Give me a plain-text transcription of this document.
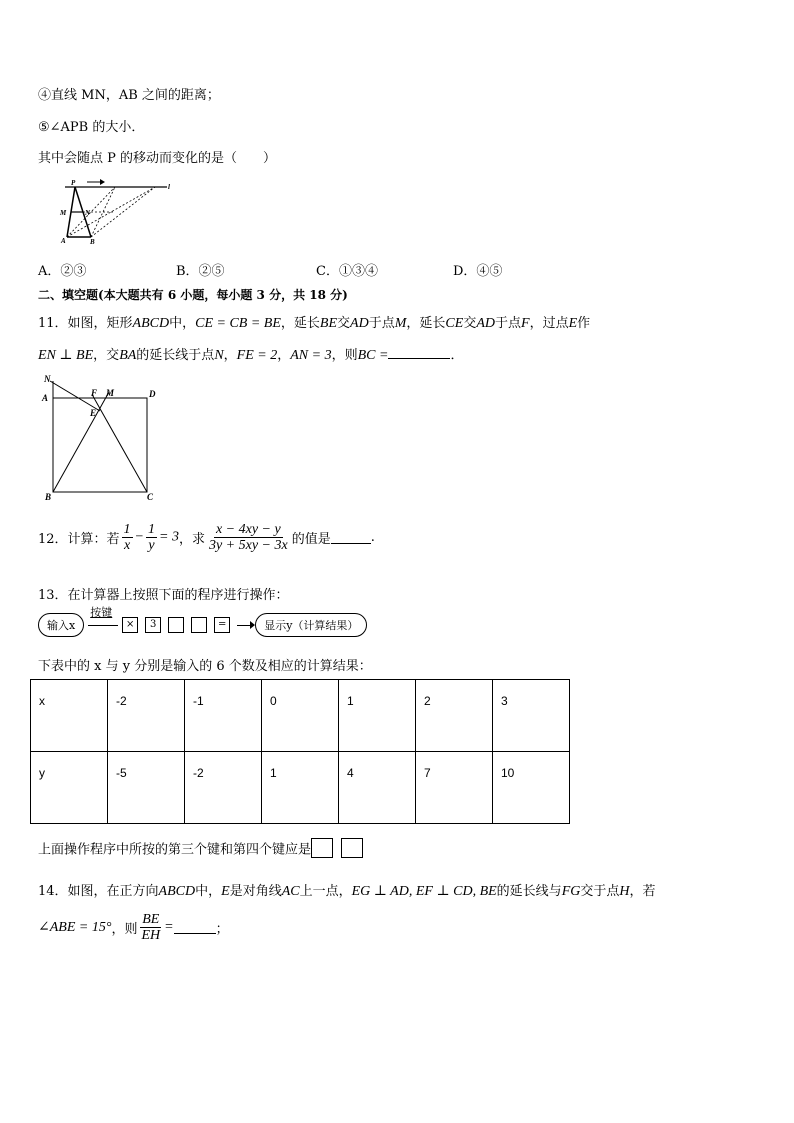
④直线 MN，AB 之间的距离；
⑤∠APB 的大小．
其中会随点 P 的移动而变化的是（　　）
P
M	N
A	B
l
A．②③	B．②⑤	C．①③④	D．④⑤
二、填空题(本大题共有 6 小题，每小题 3 分，共 18 分)
11．如图，矩形ABCD中，CE = CB = BE，延长BE交AD于点M，延长CE交AD于点F，过点E作
EN ⊥ BE，交BA的延长线于点N，FE = 2，AN = 3，则BC =	．
N
A	F M	D
E
B	C
12．计算：若 $\frac{1}{x} - \frac{1}{y} = 3$，求 $\frac{x - 4xy - y}{3y + 5xy - 3x}$ 的值是	.
13．在计算器上按照下面的程序进行操作：
输入x
按键
×	3	=	显示y（计算结果）
下表中的 x 与 y 分别是输入的 6 个数及相应的计算结果：
x	-2	-1	0	1	2	3
y	-5	-2	1	4	7	10
上面操作程序中所按的第三个键和第四个键应是
14．如图，在正方向ABCD中，E是对角线AC上一点，EG ⊥ AD, EF ⊥ CD, BE的延长线与FG交于点H，若
∠ABE = 15°，则 $\frac{BE}{EH}$ =	；
